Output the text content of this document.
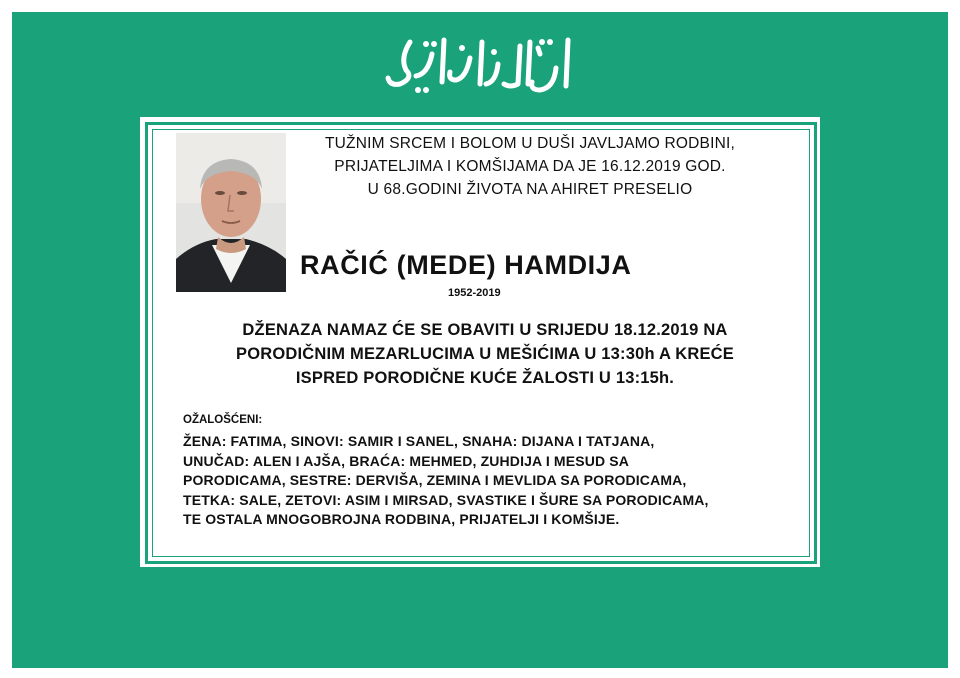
TUŽNIM SRCEM I BOLOM U DUŠI JAVLJAMO RODBINI,
PRIJATELJIMA I KOMŠIJAMA DA JE 16.12.2019 GOD.
U 68.GODINI ŽIVOTA NA AHIRET PRESELIO
RAČIĆ (MEDE) HAMDIJA
1952-2019
DŽENAZA NAMAZ ĆE SE OBAVITI U SRIJEDU 18.12.2019 NA
PORODIČNIM MEZARLUCIMA U MEŠIĆIMA U 13:30h A KREĆE
ISPRED PORODIČNE KUĆE ŽALOSTI U 13:15h.
OŽALOŠĆENI:
ŽENA: FATIMA, SINOVI: SAMIR I SANEL, SNAHA: DIJANA I TATJANA,
UNUČAD: ALEN I AJŠA, BRAĆA: MEHMED, ZUHDIJA I MESUD SA
PORODICAMA, SESTRE: DERVIŠA, ZEMINA I MEVLIDA SA PORODICAMA,
TETKA: SALE, ZETOVI: ASIM I MIRSAD, SVASTIKE I ŠURE SA PORODICAMA,
TE OSTALA MNOGOBROJNA RODBINA, PRIJATELJI I KOMŠIJE.
